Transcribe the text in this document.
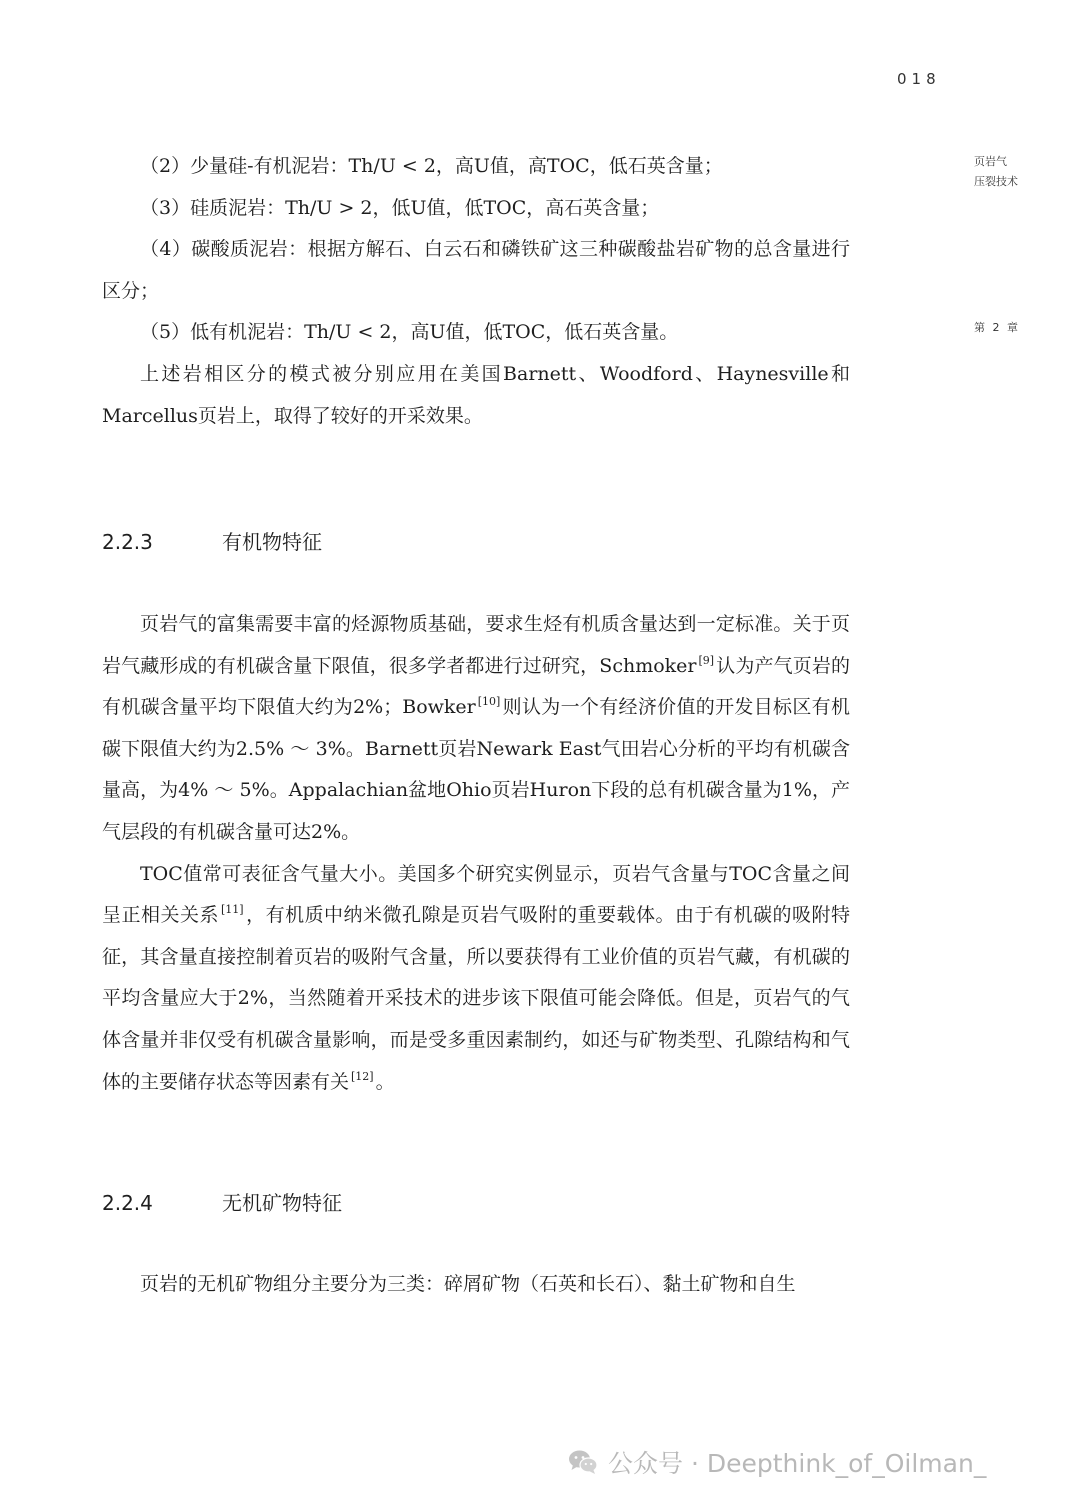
018
页岩气
压裂技术
第 2 章

（2）少量硅-有机泥岩：Th/U < 2，高U值，高TOC，低石英含量；

（3）硅质泥岩：Th/U > 2，低U值，低TOC，高石英含量；

（4）碳酸质泥岩：根据方解石、白云石和磷铁矿这三种碳酸盐岩矿物的总含量进行区分；

（5）低有机泥岩：Th/U < 2，高U值，低TOC，低石英含量。

上述岩相区分的模式被分别应用在美国Barnett、Woodford、Haynesville和Marcellus页岩上，取得了较好的开采效果。

2.2.3	有机物特征

页岩气的富集需要丰富的烃源物质基础，要求生烃有机质含量达到一定标准。关于页岩气藏形成的有机碳含量下限值，很多学者都进行过研究，Schmoker [9] 认为产气页岩的有机碳含量平均下限值大约为2%；Bowker [10] 则认为一个有经济价值的开发目标区有机碳下限值大约为2.5% ～ 3%。Barnett页岩Newark East气田岩心分析的平均有机碳含量高，为4% ～ 5%。Appalachian盆地Ohio页岩Huron下段的总有机碳含量为1%，产气层段的有机碳含量可达2%。

TOC值常可表征含气量大小。美国多个研究实例显示，页岩气含量与TOC含量之间呈正相关关系 [11] ，有机质中纳米微孔隙是页岩气吸附的重要载体。由于有机碳的吸附特征，其含量直接控制着页岩的吸附气含量，所以要获得有工业价值的页岩气藏，有机碳的平均含量应大于2%，当然随着开采技术的进步该下限值可能会降低。但是，页岩气的气体含量并非仅受有机碳含量影响，而是受多重因素制约，如还与矿物类型、孔隙结构和气体的主要储存状态等因素有关 [12] 。

2.2.4	无机矿物特征

页岩的无机矿物组分主要分为三类：碎屑矿物（石英和长石）、黏土矿物和自生

公众号 · Deepthink_of_Oilman_
